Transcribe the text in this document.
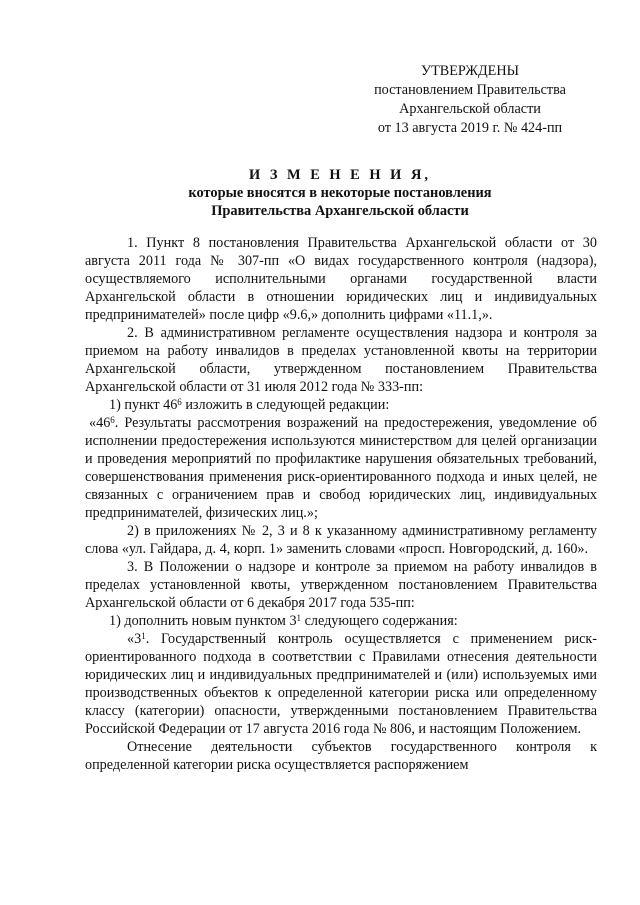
УТВЕРЖДЕНЫ
постановлением Правительства
Архангельской области
от 13 августа 2019 г. № 424-пп
И З М Е Н Е Н И Я,
которые вносятся в некоторые постановления
Правительства Архангельской области

1. Пункт 8 постановления Правительства Архангельской области от 30 августа 2011 года № 307-пп «О видах государственного контроля (надзора), осуществляемого исполнительными органами государственной власти Архангельской области в отношении юридических лиц и индивидуальных предпринимателей» после цифр «9.6,» дополнить цифрами «11.1,».

2. В административном регламенте осуществления надзора и контроля за приемом на работу инвалидов в пределах установленной квоты на территории Архангельской области, утвержденном постановлением Правительства Архангельской области от 31 июля 2012 года № 333-пп:

1) пункт $46^6$ изложить в следующей редакции:

«$46^6$. Результаты рассмотрения возражений на предостережения, уведомление об исполнении предостережения используются министерством для целей организации и проведения мероприятий по профилактике нарушения обязательных требований, совершенствования применения риск-ориентированного подхода и иных целей, не связанных с ограничением прав и свобод юридических лиц, индивидуальных предпринимателей, физических лиц.»;

2) в приложениях № 2, 3 и 8 к указанному административному регламенту слова «ул. Гайдара, д. 4, корп. 1» заменить словами «просп. Новгородский, д. 160».

3. В Положении о надзоре и контроле за приемом на работу инвалидов в пределах установленной квоты, утвержденном постановлением Правительства Архангельской области от 6 декабря 2017 года 535-пп:

1) дополнить новым пунктом $3^1$ следующего содержания:

«$3^1$. Государственный контроль осуществляется с применением риск-ориентированного подхода в соответствии с Правилами отнесения деятельности юридических лиц и индивидуальных предпринимателей и (или) используемых ими производственных объектов к определенной категории риска или определенному классу (категории) опасности, утвержденными постановлением Правительства Российской Федерации от 17 августа 2016 года № 806, и настоящим Положением.

Отнесение деятельности субъектов государственного контроля к определенной категории риска осуществляется распоряжением
